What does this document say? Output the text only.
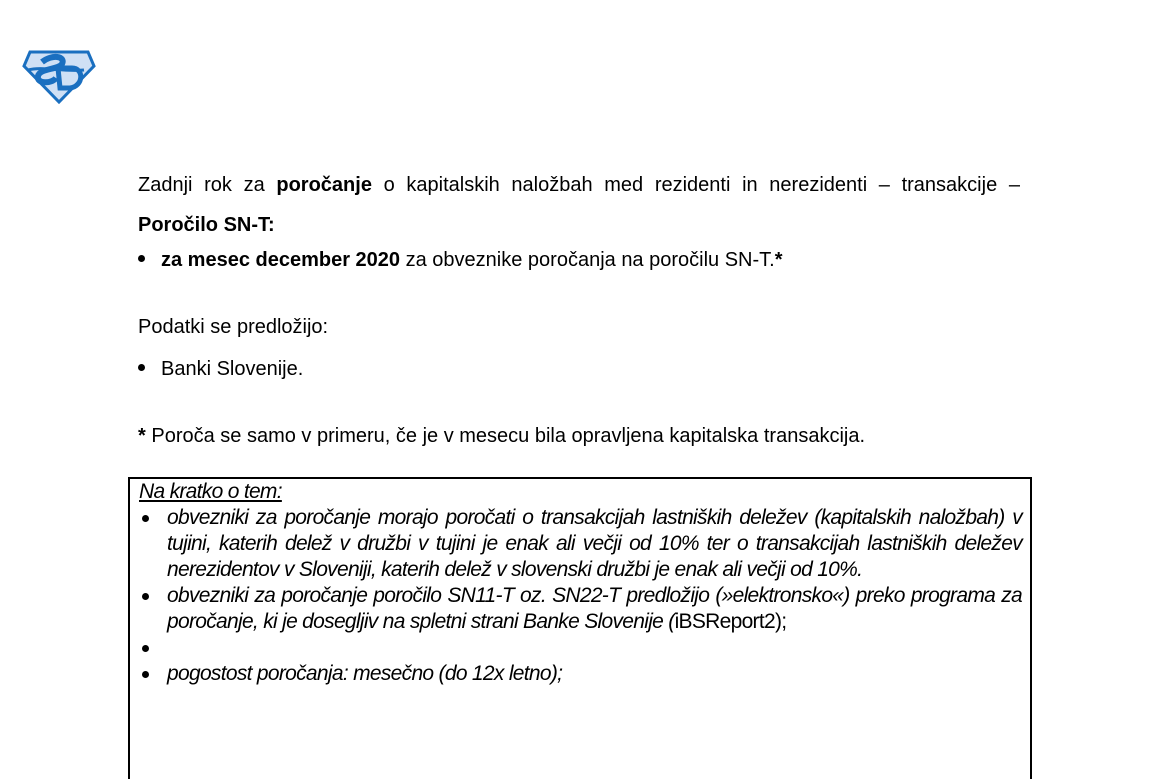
Zadnji rok za poročanje o kapitalskih naložbah med rezidenti in nerezidenti – transakcije – Poročilo SN-T:
za mesec december 2020 za obveznike poročanja na poročilu SN-T.*
Podatki se predložijo:
Banki Slovenije.
* Poroča se samo v primeru, če je v mesecu bila opravljena kapitalska transakcija.
Na kratko o tem:
obvezniki za poročanje morajo poročati o transakcijah lastniških deležev (kapitalskih naložbah) v tujini, katerih delež v družbi v tujini je enak ali večji od 10% ter o transakcijah lastniških deležev nerezidentov v Sloveniji, katerih delež v slovenski družbi je enak ali večji od 10%.
obvezniki za poročanje poročilo SN11-T oz. SN22-T predložijo (»elektronsko«) preko programa za poročanje, ki je dosegljiv na spletni strani Banke Slovenije (iBSReport2);
pogostost poročanja: mesečno (do 12x letno);
